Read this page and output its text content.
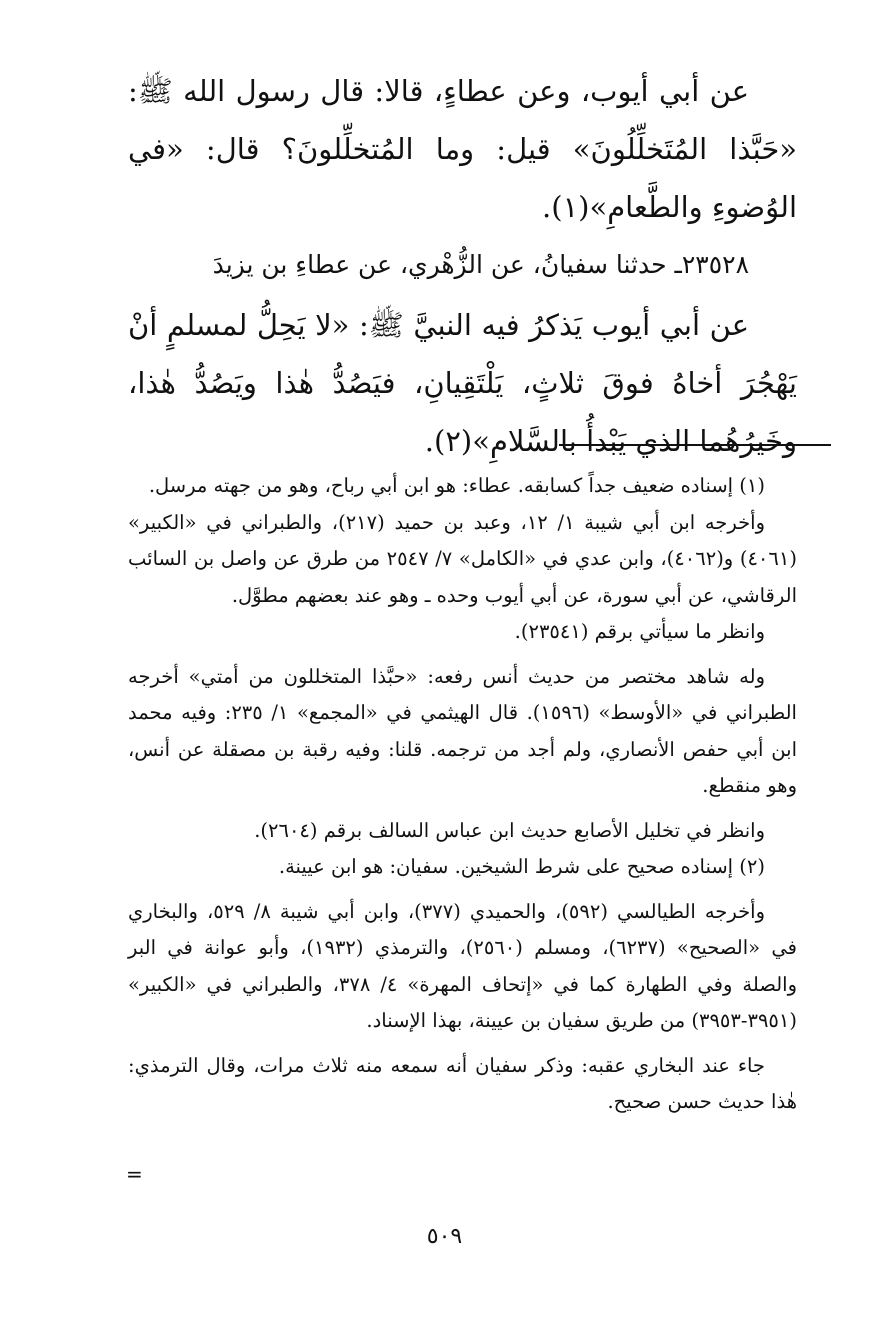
عن أبي أيوب، وعن عطاءٍ، قالا: قال رسول الله ﷺ: «حَبَّذا المُتَخلِّلُونَ» قيل: وما المُتخلِّلونَ؟ قال: «في الوُضوءِ والطَّعامِ»(١).

٢٣٥٢٨ـ حدثنا سفيانُ، عن الزُّهْري، عن عطاءِ بن يزيدَ

عن أبي أيوب يَذكرُ فيه النبيَّ ﷺ: «لا يَحِلُّ لمسلمٍ أنْ يَهْجُرَ أخاهُ فوقَ ثلاثٍ، يَلْتَقِيانِ، فيَصُدُّ هٰذا ويَصُدُّ هٰذا، وخَيرُهُما الذي يَبْدأُ بالسَّلامِ»(٢).

(١) إسناده ضعيف جداً كسابقه. عطاء: هو ابن أبي رباح، وهو من جهته مرسل.

وأخرجه ابن أبي شيبة ١/ ١٢، وعبد بن حميد (٢١٧)، والطبراني في «الكبير» (٤٠٦١) و(٤٠٦٢)، وابن عدي في «الكامل» ٧/ ٢٥٤٧ من طرق عن واصل بن السائب الرقاشي، عن أبي سورة، عن أبي أيوب وحده ـ وهو عند بعضهم مطوَّل.

وانظر ما سيأتي برقم (٢٣٥٤١).

وله شاهد مختصر من حديث أنس رفعه: «حبَّذا المتخللون من أمتي» أخرجه الطبراني في «الأوسط» (١٥٩٦). قال الهيثمي في «المجمع» ١/ ٢٣٥: وفيه محمد ابن أبي حفص الأنصاري، ولم أجد من ترجمه. قلنا: وفيه رقبة بن مصقلة عن أنس، وهو منقطع.

وانظر في تخليل الأصابع حديث ابن عباس السالف برقم (٢٦٠٤).

(٢) إسناده صحيح على شرط الشيخين. سفيان: هو ابن عيينة.

وأخرجه الطيالسي (٥٩٢)، والحميدي (٣٧٧)، وابن أبي شيبة ٨/ ٥٢٩، والبخاري في «الصحيح» (٦٢٣٧)، ومسلم (٢٥٦٠)، والترمذي (١٩٣٢)، وأبو عوانة في البر والصلة وفي الطهارة كما في «إتحاف المهرة» ٤/ ٣٧٨، والطبراني في «الكبير» (٣٩٥١-٣٩٥٣) من طريق سفيان بن عيينة، بهذا الإسناد.

جاء عند البخاري عقبه: وذكر سفيان أنه سمعه منه ثلاث مرات، وقال الترمذي: هٰذا حديث حسن صحيح.

=
٥٠٩
